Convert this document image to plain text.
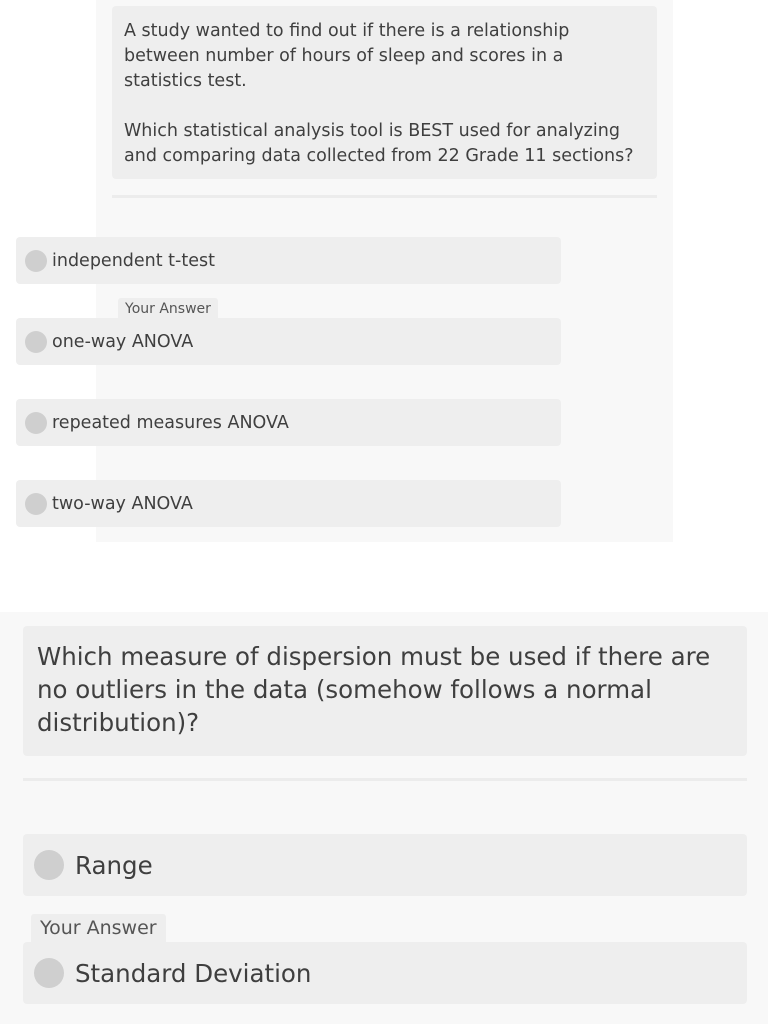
A study wanted to find out if there is a relationship between number of hours of sleep and scores in a statistics test.

Which statistical analysis tool is BEST used for analyzing and comparing data collected from 22 Grade 11 sections?

independent t-test
Your Answer
one-way ANOVA
repeated measures ANOVA
two-way ANOVA
Which measure of dispersion must be used if there are no outliers in the data (somehow follows a normal distribution)?
Range
Your Answer
Standard Deviation
